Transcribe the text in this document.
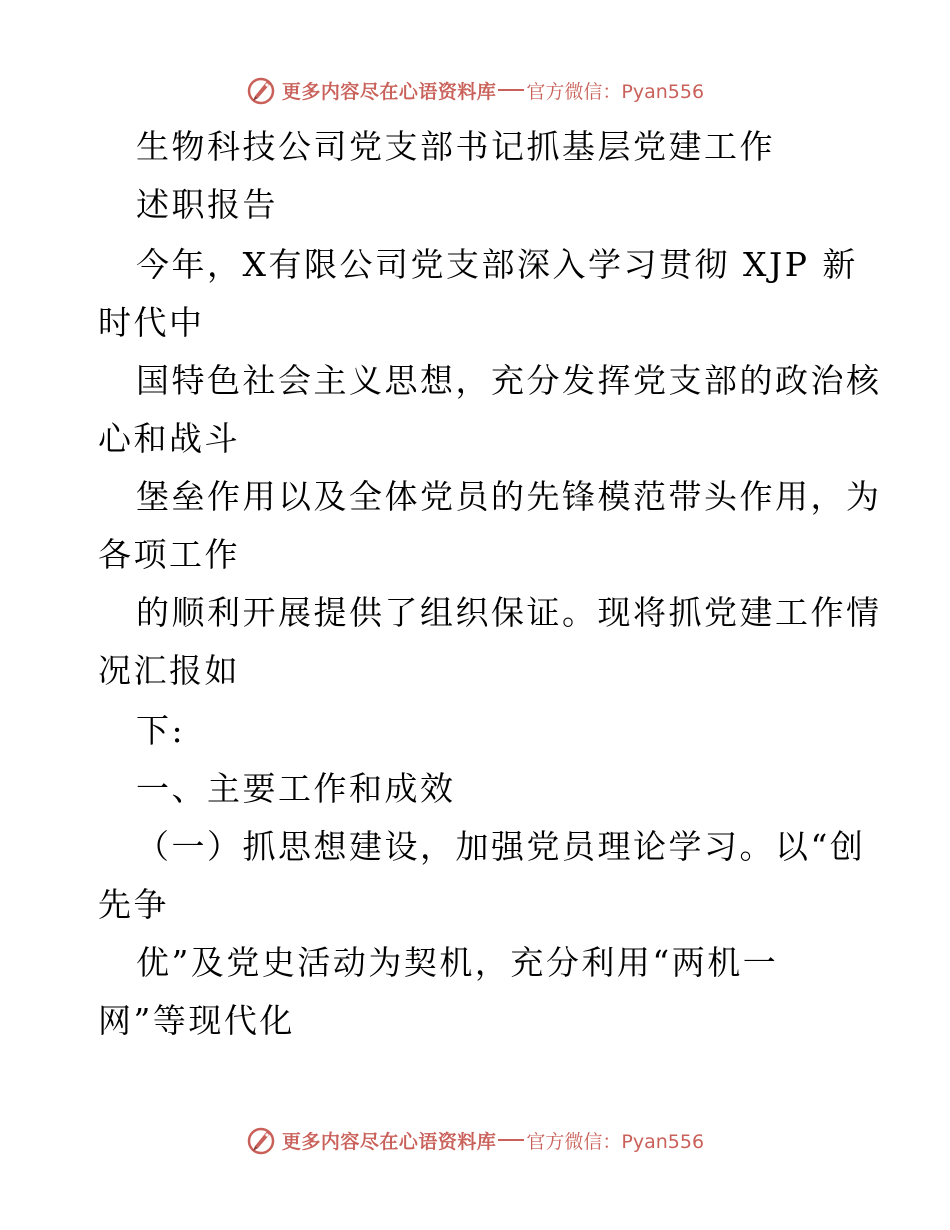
更多内容尽在心语资料库 官方微信：Pyan556
生物科技公司党支部书记抓基层党建工作
述职报告
今年，X有限公司党支部深入学习贯彻 XJP 新
时代中
国特色社会主义思想，充分发挥党支部的政治核
心和战斗
堡垒作用以及全体党员的先锋模范带头作用，为
各项工作
的顺利开展提供了组织保证。现将抓党建工作情
况汇报如
下:
一、主要工作和成效
（一）抓思想建设，加强党员理论学习。以“创
先争
优”及党史活动为契机，充分利用“两机一
网”等现代化
更多内容尽在心语资料库 官方微信：Pyan556
